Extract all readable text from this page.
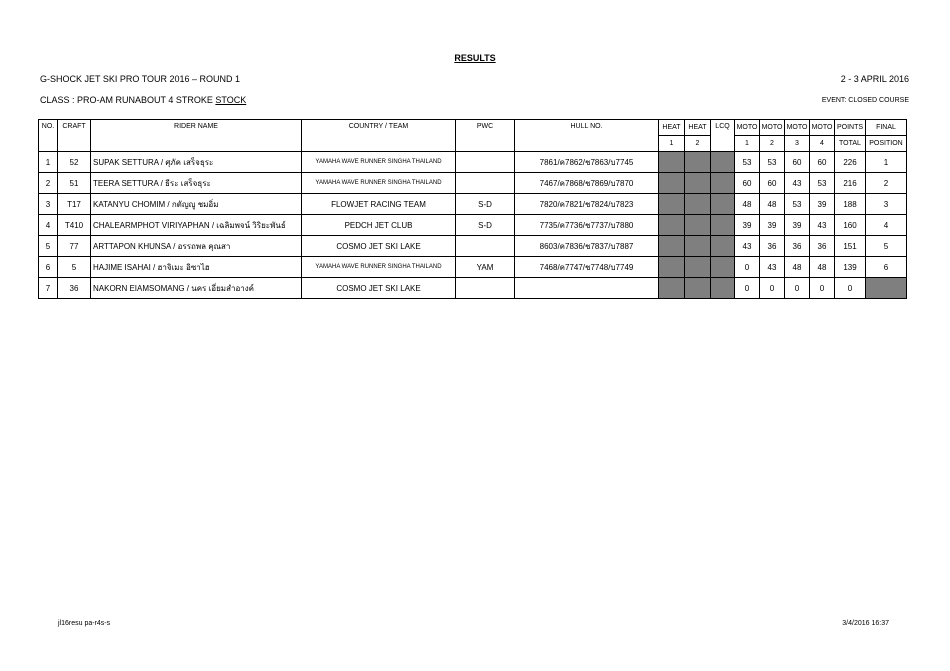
RESULTS
G-SHOCK JET SKI PRO TOUR 2016 – ROUND 1	2 - 3 APRIL 2016
CLASS : PRO-AM RUNABOUT 4 STROKE STOCK	EVENT: CLOSED COURSE
NO.	CRAFT	RIDER NAME	COUNTRY / TEAM	PWC	HULL NO.	HEAT	HEAT	LCQ	MOTO	MOTO	MOTO	MOTO	POINTS	FINAL
						1	2		1	2	3	4	TOTAL	POSITION
1	52	SUPAK SETTURA / ศุภัค เสร็จธุระ	YAMAHA WAVE RUNNER SINGHA THAILAND		7861/ค7862/ช7863/บ7745				53	53	60	60	226	1
2	51	TEERA SETTURA / ธีระ เสร็จธุระ	YAMAHA WAVE RUNNER SINGHA THAILAND		7467/ค7868/ช7869/บ7870				60	60	43	53	216	2
3	T17	KATANYU CHOMIM / กตัญญู ชมอิ่ม	FLOWJET RACING TEAM	S-D	7820/ค7821/ช7824/บ7823				48	48	53	39	188	3
4	T410	CHALEARMPHOT VIRIYAPHAN / เฉลิมพจน์ วิริยะพันธ์	PEDCH JET CLUB	S-D	7735/ค7736/ช7737/บ7880				39	39	39	43	160	4
5	77	ARTTAPON KHUNSA / อรรถพล คุณสา	COSMO JET SKI LAKE		8603/ค7836/ช7837/บ7887				43	36	36	36	151	5
6	5	HAJIME ISAHAI / ฮาจิเมะ อิซาไฮ	YAMAHA WAVE RUNNER SINGHA THAILAND	YAM	7468/ค7747/ช7748/บ7749				0	43	48	48	139	6
7	36	NAKORN EIAMSOMANG / นคร เอี่ยมสำอางค์	COSMO JET SKI LAKE						0	0	0	0	0	
jl16resu pa-r4s-s	3/4/2016 16:37
